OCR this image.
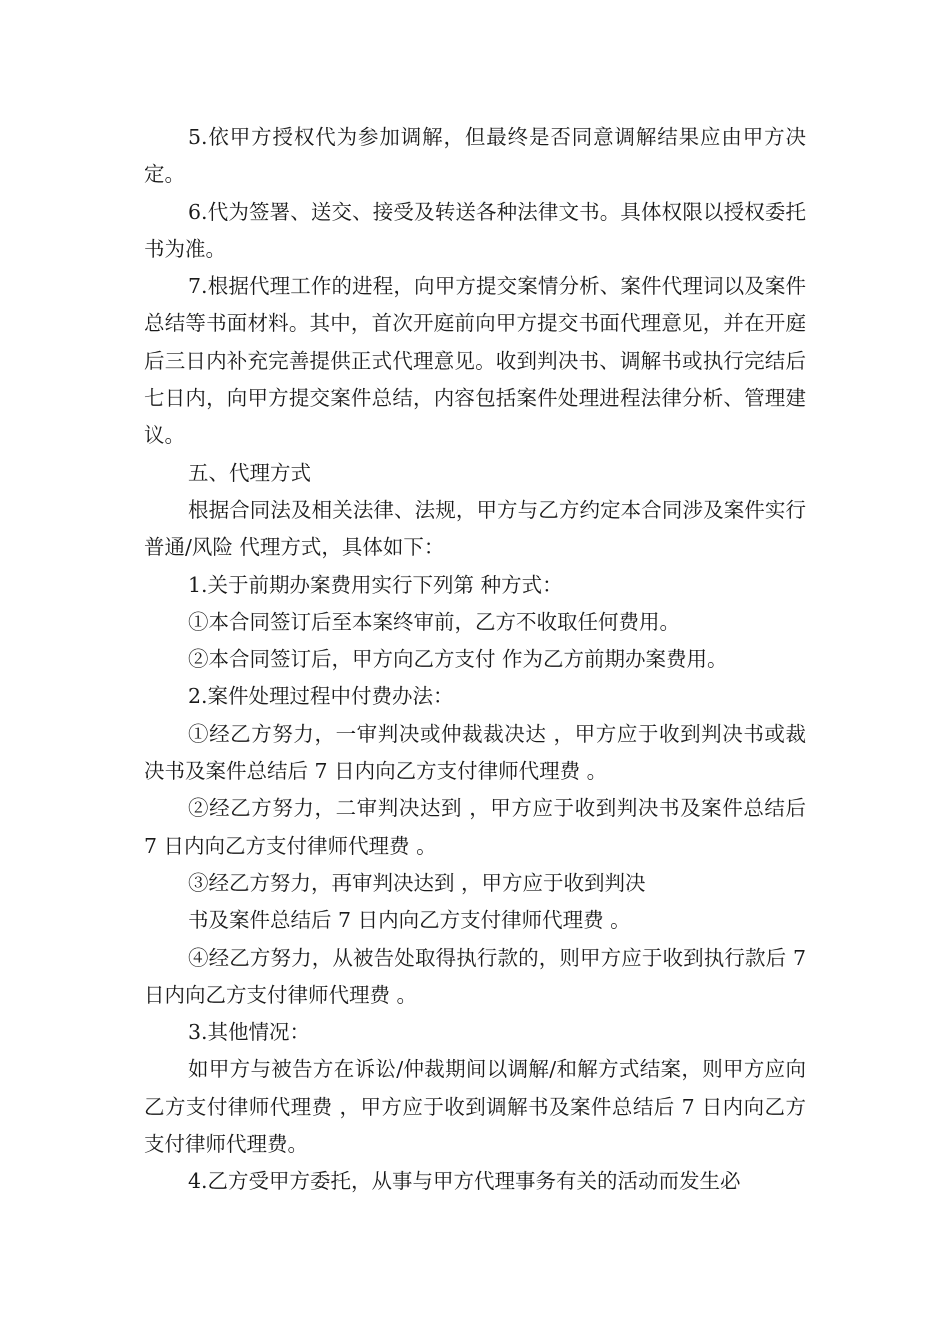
5.依甲方授权代为参加调解，但最终是否同意调解结果应由甲方决定。

6.代为签署、送交、接受及转送各种法律文书。具体权限以授权委托书为准。

7.根据代理工作的进程，向甲方提交案情分析、案件代理词以及案件总结等书面材料。其中，首次开庭前向甲方提交书面代理意见，并在开庭后三日内补充完善提供正式代理意见。收到判决书、调解书或执行完结后七日内，向甲方提交案件总结，内容包括案件处理进程法律分析、管理建议。

五、代理方式

根据合同法及相关法律、法规，甲方与乙方约定本合同涉及案件实行 普通/风险 代理方式，具体如下：

1.关于前期办案费用实行下列第 种方式：

①本合同签订后至本案终审前，乙方不收取任何费用。

②本合同签订后，甲方向乙方支付 作为乙方前期办案费用。

2.案件处理过程中付费办法：

①经乙方努力，一审判决或仲裁裁决达 ，甲方应于收到判决书或裁决书及案件总结后 7 日内向乙方支付律师代理费 。

②经乙方努力，二审判决达到 ，甲方应于收到判决书及案件总结后 7 日内向乙方支付律师代理费 。

③经乙方努力，再审判决达到 ，甲方应于收到判决

书及案件总结后 7 日内向乙方支付律师代理费 。

④经乙方努力，从被告处取得执行款的，则甲方应于收到执行款后 7 日内向乙方支付律师代理费 。

3.其他情况：

如甲方与被告方在诉讼/仲裁期间以调解/和解方式结案，则甲方应向乙方支付律师代理费 ，甲方应于收到调解书及案件总结后 7 日内向乙方支付律师代理费。

4.乙方受甲方委托，从事与甲方代理事务有关的活动而发生必
